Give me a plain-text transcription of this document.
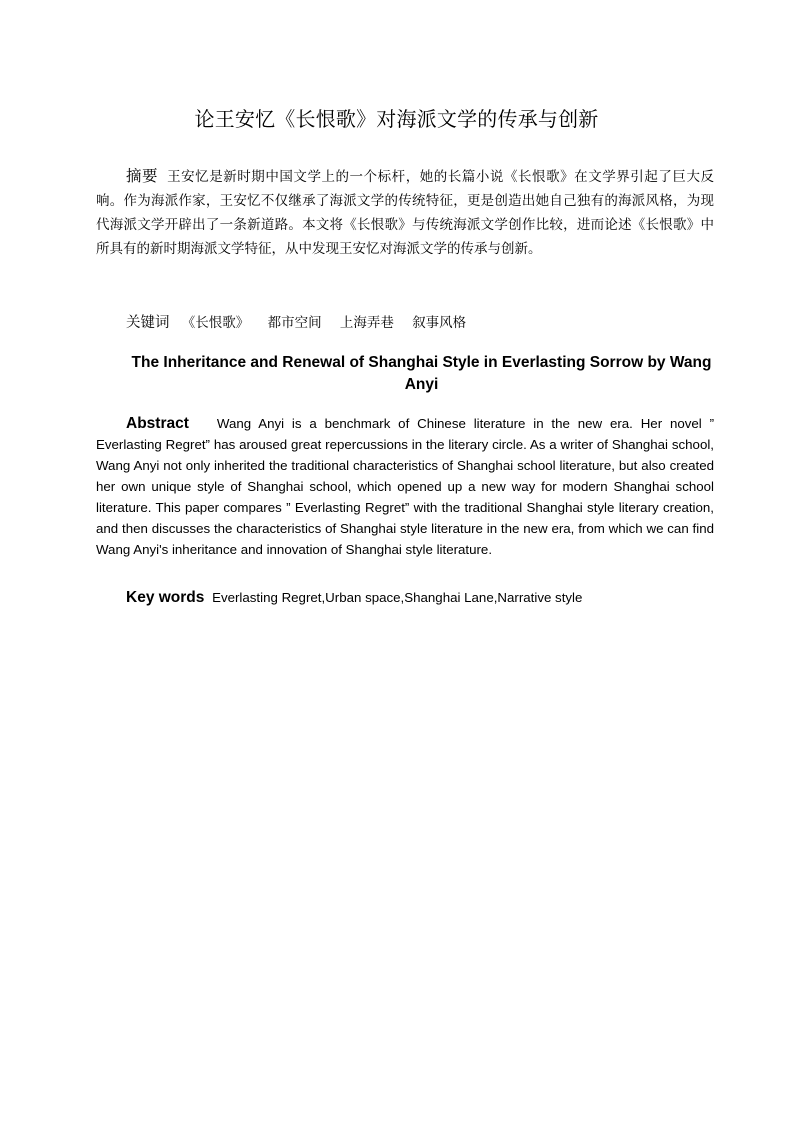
论王安忆《长恨歌》对海派文学的传承与创新
摘要 王安忆是新时期中国文学上的一个标杆，她的长篇小说《长恨歌》在文学界引起了巨大反响。作为海派作家，王安忆不仅继承了海派文学的传统特征，更是创造出她自己独有的海派风格，为现代海派文学开辟出了一条新道路。本文将《长恨歌》与传统海派文学创作比较，进而论述《长恨歌》中所具有的新时期海派文学特征，从中发现王安忆对海派文学的传承与创新。
关键词 《长恨歌》 都市空间 上海弄巷 叙事风格
The Inheritance and Renewal of Shanghai Style in Everlasting Sorrow by Wang Anyi
Abstract Wang Anyi is a benchmark of Chinese literature in the new era. Her novel ” Everlasting Regret” has aroused great repercussions in the literary circle. As a writer of Shanghai school, Wang Anyi not only inherited the traditional characteristics of Shanghai school literature, but also created her own unique style of Shanghai school, which opened up a new way for modern Shanghai school literature. This paper compares ” Everlasting Regret” with the traditional Shanghai style literary creation, and then discusses the characteristics of Shanghai style literature in the new era, from which we can find Wang Anyi's inheritance and innovation of Shanghai style literature.
Key words Everlasting Regret,Urban space,Shanghai Lane,Narrative style
